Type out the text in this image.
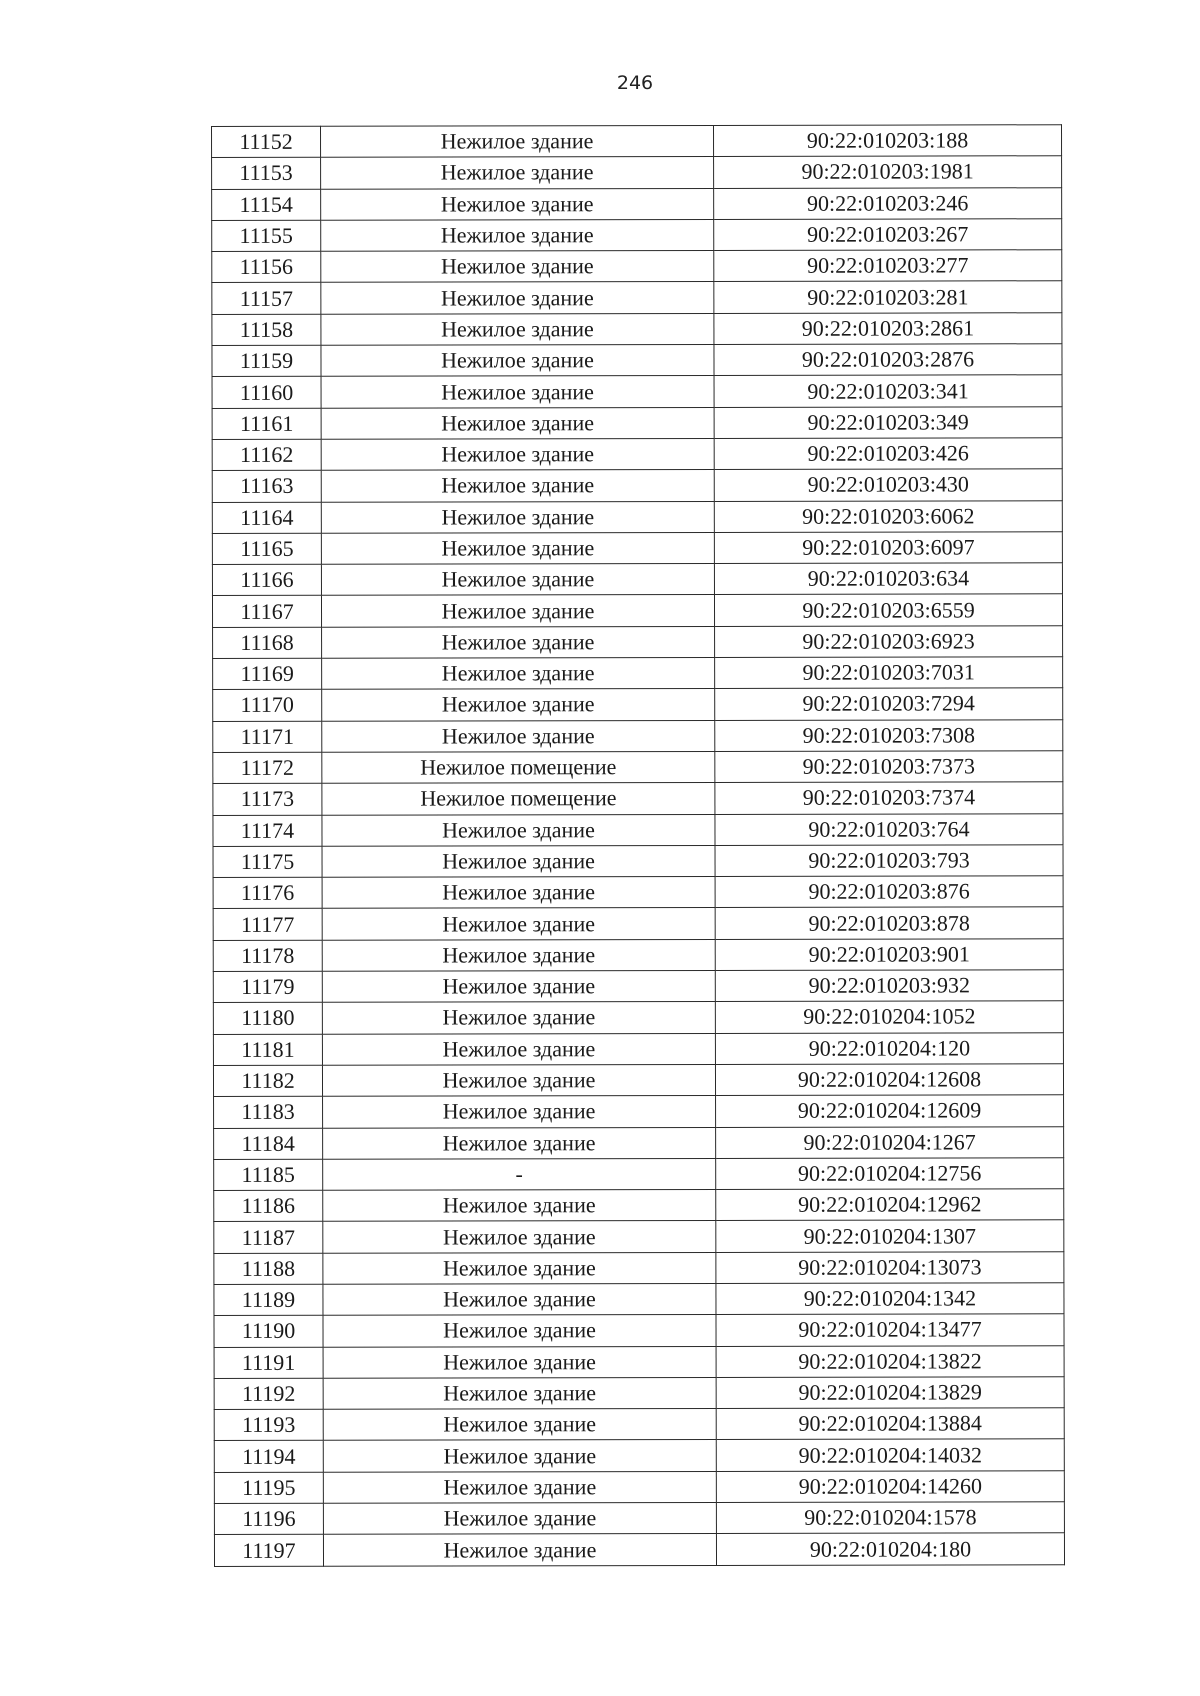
246
11152	Нежилое здание	90:22:010203:188
11153	Нежилое здание	90:22:010203:1981
11154	Нежилое здание	90:22:010203:246
11155	Нежилое здание	90:22:010203:267
11156	Нежилое здание	90:22:010203:277
11157	Нежилое здание	90:22:010203:281
11158	Нежилое здание	90:22:010203:2861
11159	Нежилое здание	90:22:010203:2876
11160	Нежилое здание	90:22:010203:341
11161	Нежилое здание	90:22:010203:349
11162	Нежилое здание	90:22:010203:426
11163	Нежилое здание	90:22:010203:430
11164	Нежилое здание	90:22:010203:6062
11165	Нежилое здание	90:22:010203:6097
11166	Нежилое здание	90:22:010203:634
11167	Нежилое здание	90:22:010203:6559
11168	Нежилое здание	90:22:010203:6923
11169	Нежилое здание	90:22:010203:7031
11170	Нежилое здание	90:22:010203:7294
11171	Нежилое здание	90:22:010203:7308
11172	Нежилое помещение	90:22:010203:7373
11173	Нежилое помещение	90:22:010203:7374
11174	Нежилое здание	90:22:010203:764
11175	Нежилое здание	90:22:010203:793
11176	Нежилое здание	90:22:010203:876
11177	Нежилое здание	90:22:010203:878
11178	Нежилое здание	90:22:010203:901
11179	Нежилое здание	90:22:010203:932
11180	Нежилое здание	90:22:010204:1052
11181	Нежилое здание	90:22:010204:120
11182	Нежилое здание	90:22:010204:12608
11183	Нежилое здание	90:22:010204:12609
11184	Нежилое здание	90:22:010204:1267
11185	-	90:22:010204:12756
11186	Нежилое здание	90:22:010204:12962
11187	Нежилое здание	90:22:010204:1307
11188	Нежилое здание	90:22:010204:13073
11189	Нежилое здание	90:22:010204:1342
11190	Нежилое здание	90:22:010204:13477
11191	Нежилое здание	90:22:010204:13822
11192	Нежилое здание	90:22:010204:13829
11193	Нежилое здание	90:22:010204:13884
11194	Нежилое здание	90:22:010204:14032
11195	Нежилое здание	90:22:010204:14260
11196	Нежилое здание	90:22:010204:1578
11197	Нежилое здание	90:22:010204:180
